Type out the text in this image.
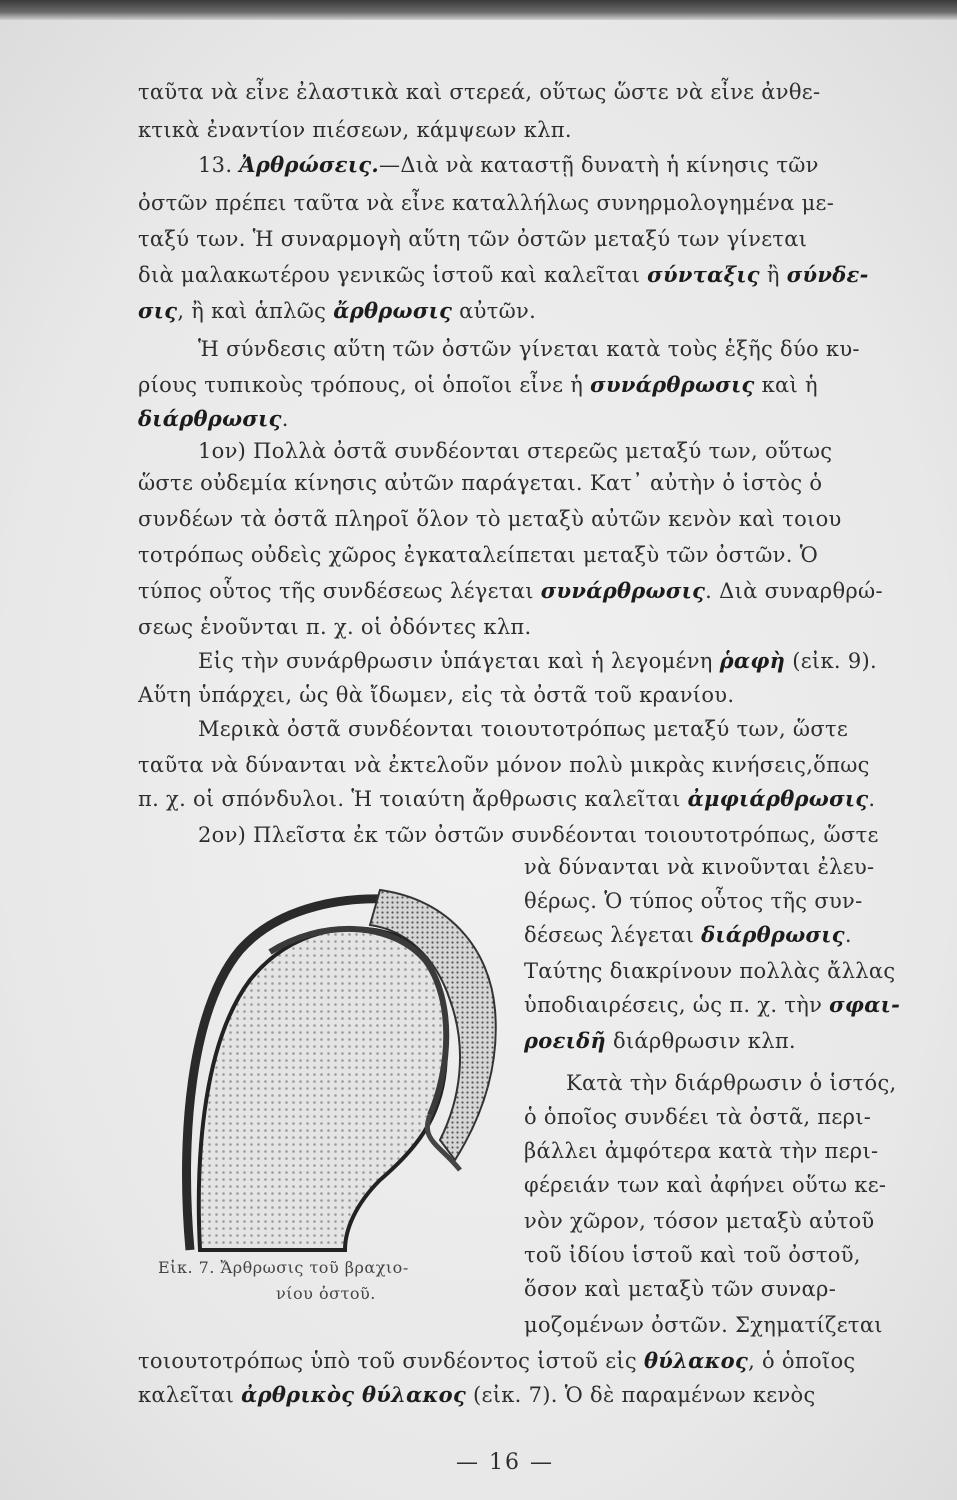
ταῦτα νὰ εἶνε ἐλαστικὰ καὶ στερεά, οὕτως ὥστε νὰ εἶνε ἀνθε-
κτικὰ ἐναντίον πιέσεων, κάμψεων κλπ.
13. Ἀρθρώσεις.—Διὰ νὰ καταστῇ δυνατὴ ἡ κίνησις τῶν
ὀστῶν πρέπει ταῦτα νὰ εἶνε καταλλήλως συνηρμολογημένα με-
ταξύ των. Ἡ συναρμογὴ αὕτη τῶν ὀστῶν μεταξύ των γίνεται
διὰ μαλακωτέρου γενικῶς ἱστοῦ καὶ καλεῖται σύνταξις ἢ σύνδε-
σις, ἢ καὶ ἁπλῶς ἄρθρωσις αὐτῶν.
Ἡ σύνδεσις αὕτη τῶν ὀστῶν γίνεται κατὰ τοὺς ἑξῆς δύο κυ-
ρίους τυπικοὺς τρόπους, οἱ ὁποῖοι εἶνε ἡ συνάρθρωσις καὶ ἡ
διάρθρωσις.
1ον) Πολλὰ ὀστᾶ συνδέονται στερεῶς μεταξύ των, οὕτως
ὥστε οὐδεμία κίνησις αὐτῶν παράγεται. Κατ᾽ αὐτὴν ὁ ἱστὸς ὁ
συνδέων τὰ ὀστᾶ πληροῖ ὅλον τὸ μεταξὺ αὐτῶν κενὸν καὶ τοιου
τοτρόπως οὐδεὶς χῶρος ἐγκαταλείπεται μεταξὺ τῶν ὀστῶν. Ὁ
τύπος οὗτος τῆς συνδέσεως λέγεται συνάρθρωσις. Διὰ συναρθρώ-
σεως ἑνοῦνται π. χ. οἱ ὀδόντες κλπ.
Εἰς τὴν συνάρθρωσιν ὑπάγεται καὶ ἡ λεγομένη ῥαφὴ (εἰκ. 9).
Αὕτη ὑπάρχει, ὡς θὰ ἴδωμεν, εἰς τὰ ὀστᾶ τοῦ κρανίου.
Μερικὰ ὀστᾶ συνδέονται τοιουτοτρόπως μεταξύ των, ὥστε
ταῦτα νὰ δύνανται νὰ ἐκτελοῦν μόνον πολὺ μικρὰς κινήσεις,ὅπως
π. χ. οἱ σπόνδυλοι. Ἡ τοιαύτη ἄρθρωσις καλεῖται ἀμφιάρθρωσις.
2ον) Πλεῖστα ἐκ τῶν ὀστῶν συνδέονται τοιουτοτρόπως, ὥστε
νὰ δύνανται νὰ κινοῦνται ἐλευ-
θέρως. Ὁ τύπος οὗτος τῆς συν-
δέσεως λέγεται διάρθρωσις.
Ταύτης διακρίνουν πολλὰς ἄλλας
ὑποδιαιρέσεις, ὡς π. χ. τὴν σφαι-
ροειδῆ διάρθρωσιν κλπ.
Κατὰ τὴν διάρθρωσιν ὁ ἱστός,
ὁ ὁποῖος συνδέει τὰ ὀστᾶ, περι-
βάλλει ἀμφότερα κατὰ τὴν περι-
φέρειάν των καὶ ἀφήνει οὕτω κε-
νὸν χῶρον, τόσον μεταξὺ αὐτοῦ
τοῦ ἰδίου ἱστοῦ καὶ τοῦ ὀστοῦ,
ὅσον καὶ μεταξὺ τῶν συναρ-
μοζομένων ὀστῶν. Σχηματίζεται
τοιουτοτρόπως ὑπὸ τοῦ συνδέοντος ἱστοῦ εἰς θύλακος, ὁ ὁποῖος
καλεῖται ἀρθρικὸς θύλακος (εἰκ. 7). Ὁ δὲ παραμένων κενὸς
Εἰκ. 7. Ἄρθρωσις τοῦ βραχιο-
νίου ὀστοῦ.
— 16 —
